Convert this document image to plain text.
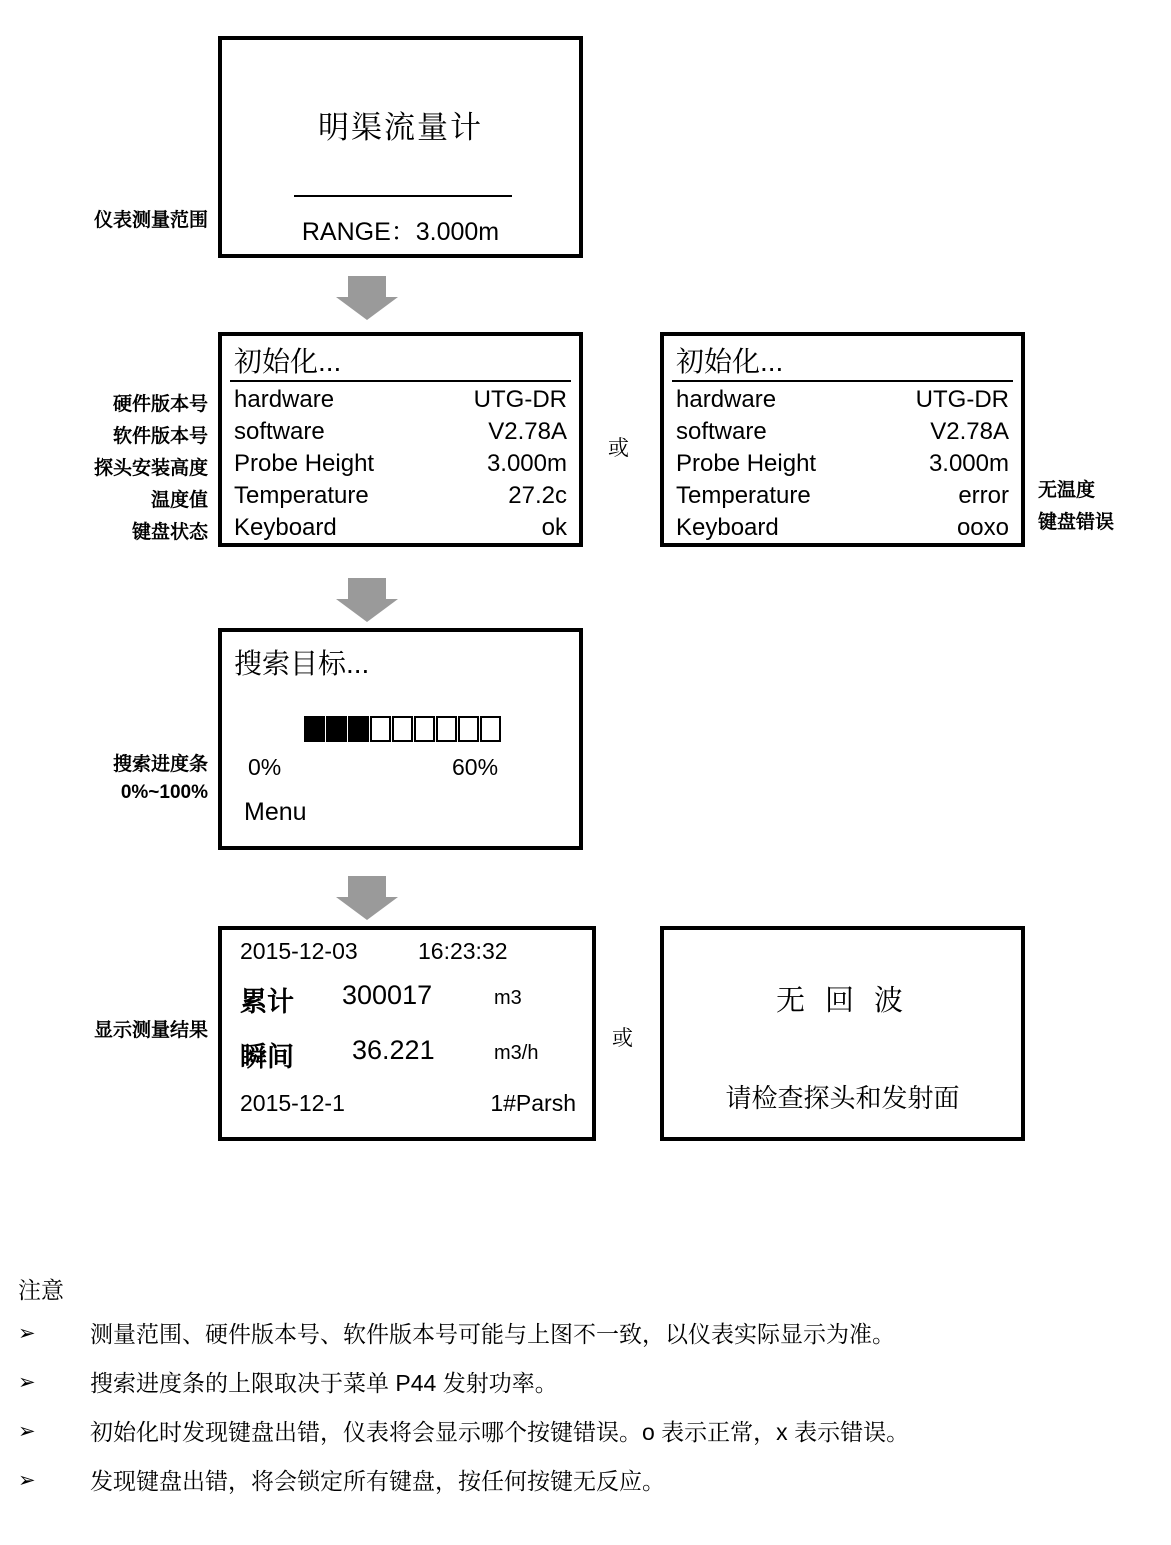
仪表测量范围
明渠流量计
RANGE：3.000m
硬件版本号
软件版本号
探头安装高度
温度值
键盘状态
初始化...
hardware	UTG-DR
software	V2.78A
Probe Height	3.000m
Temperature	27.2c
Keyboard	ok
或
初始化...
hardware	UTG-DR
software	V2.78A
Probe Height	3.000m
Temperature	error
Keyboard	ooxo
无温度
键盘错误
搜索进度条
0%~100%
搜索目标...
0%	60%
Menu
显示测量结果
2015-12-03	16:23:32
累计 300017	m3
瞬间 36.221	m3/h
2015-12-1	1#Parsh
或
无 回 波
请检查探头和发射面
注意
➢	测量范围、硬件版本号、软件版本号可能与上图不一致，以仪表实际显示为准。
➢	搜索进度条的上限取决于菜单 P44 发射功率。
➢	初始化时发现键盘出错，仪表将会显示哪个按键错误。o 表示正常，x 表示错误。
➢	发现键盘出错，将会锁定所有键盘，按任何按键无反应。
